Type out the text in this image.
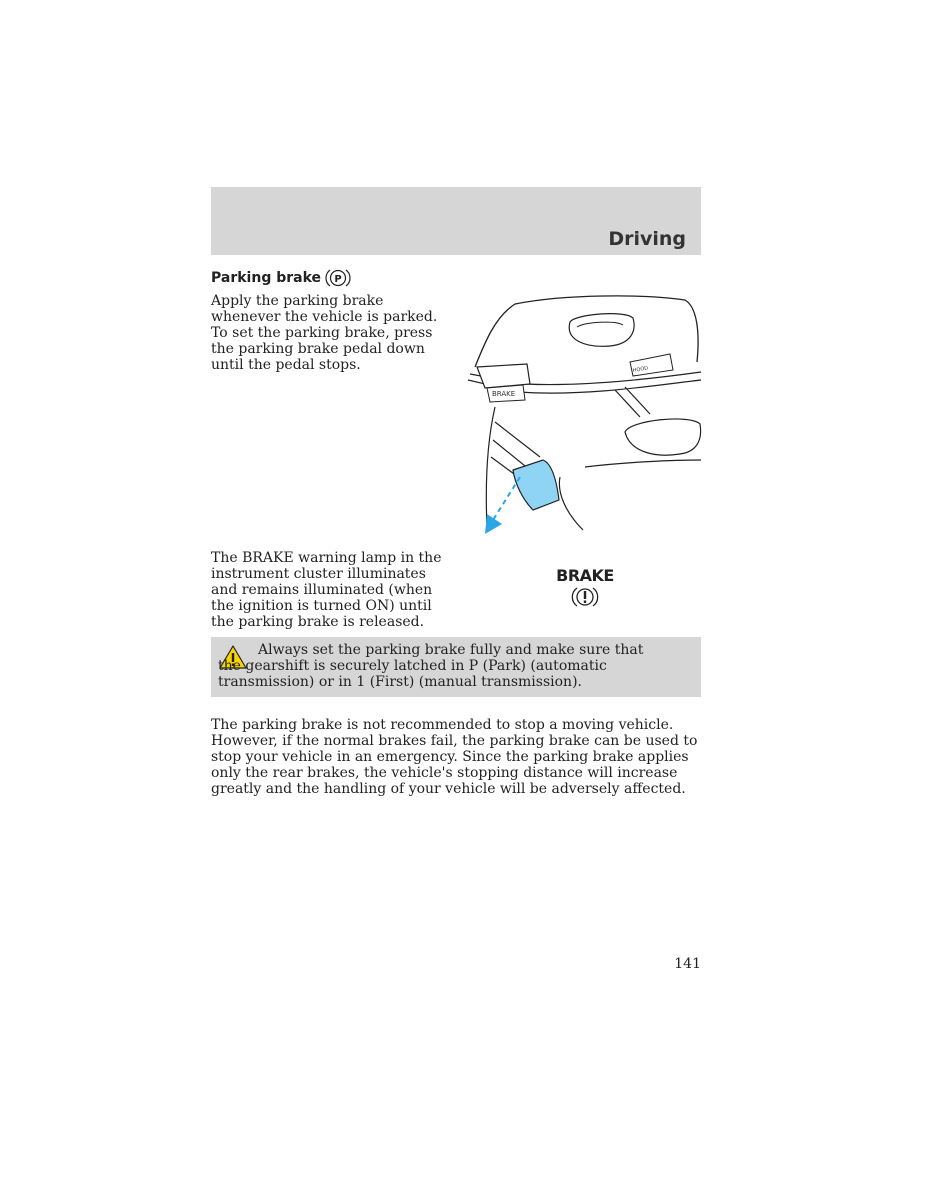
Driving
Parking brake P
Apply the parking brake whenever the vehicle is parked. To set the parking brake, press the parking brake pedal down until the pedal stops.
BRAKE
HOOD
The BRAKE warning lamp in the instrument cluster illuminates and remains illuminated (when the ignition is turned ON) until the parking brake is released.
BRAKE
Always set the parking brake fully and make sure that the gearshift is securely latched in P (Park) (automatic transmission) or in 1 (First) (manual transmission).
The parking brake is not recommended to stop a moving vehicle. However, if the normal brakes fail, the parking brake can be used to stop your vehicle in an emergency. Since the parking brake applies only the rear brakes, the vehicle's stopping distance will increase greatly and the handling of your vehicle will be adversely affected.
141
